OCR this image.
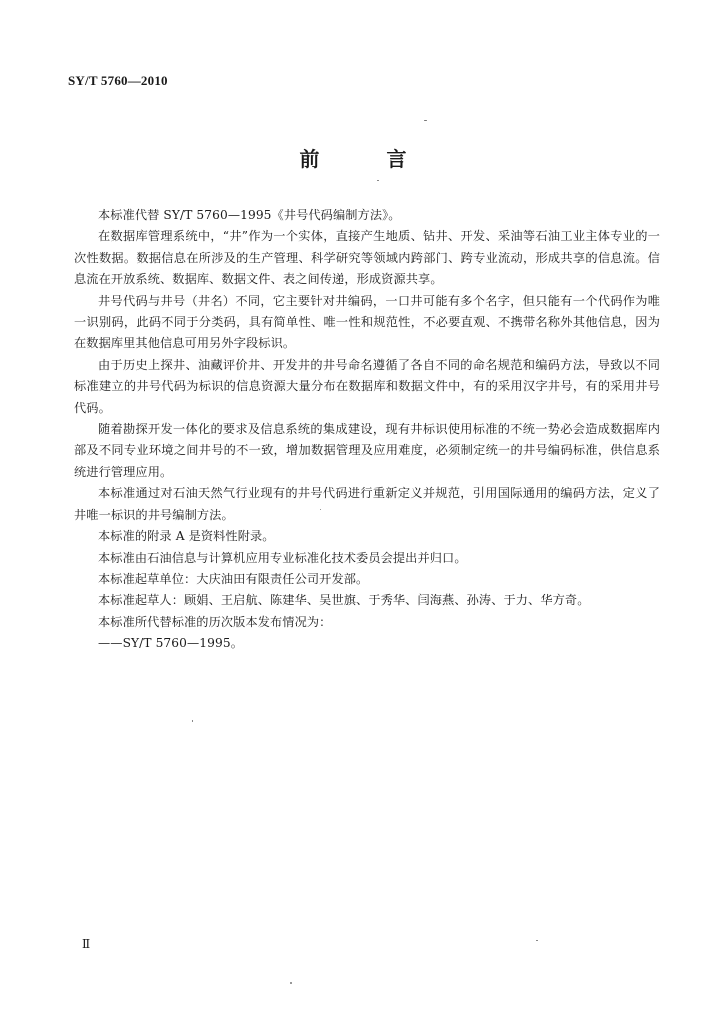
SY/T 5760—2010
前 言

本标准代替 SY/T 5760—1995《井号代码编制方法》。

在数据库管理系统中，“井”作为一个实体，直接产生地质、钻井、开发、采油等石油工业主体专业的一次性数据。数据信息在所涉及的生产管理、科学研究等领域内跨部门、跨专业流动，形成共享的信息流。信息流在开放系统、数据库、数据文件、表之间传递，形成资源共享。

井号代码与井号（井名）不同，它主要针对井编码，一口井可能有多个名字，但只能有一个代码作为唯一识别码，此码不同于分类码，具有简单性、唯一性和规范性，不必要直观、不携带名称外其他信息，因为在数据库里其他信息可用另外字段标识。

由于历史上探井、油藏评价井、开发井的井号命名遵循了各自不同的命名规范和编码方法，导致以不同标准建立的井号代码为标识的信息资源大量分布在数据库和数据文件中，有的采用汉字井号，有的采用井号代码。

随着勘探开发一体化的要求及信息系统的集成建设，现有井标识使用标准的不统一势必会造成数据库内部及不同专业环境之间井号的不一致，增加数据管理及应用难度，必须制定统一的井号编码标准，供信息系统进行管理应用。

本标准通过对石油天然气行业现有的井号代码进行重新定义并规范，引用国际通用的编码方法，定义了井唯一标识的井号编制方法。

本标准的附录 A 是资料性附录。

本标准由石油信息与计算机应用专业标准化技术委员会提出并归口。

本标准起草单位：大庆油田有限责任公司开发部。

本标准起草人：顾娟、王启航、陈建华、吴世旗、于秀华、闫海燕、孙涛、于力、华方奇。

本标准所代替标准的历次版本发布情况为：

——SY/T 5760—1995。

Ⅱ
